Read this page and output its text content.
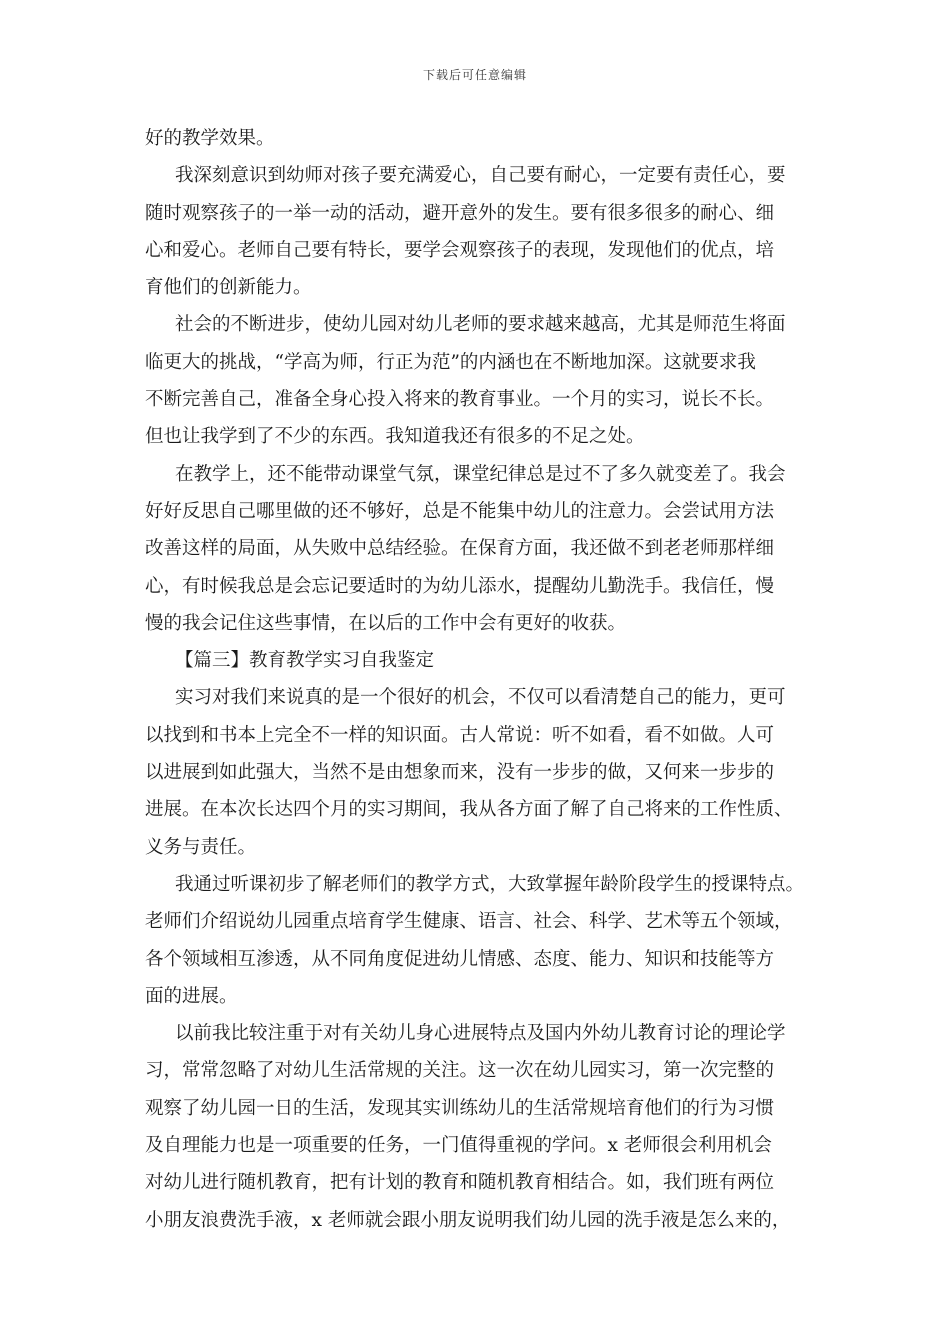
下载后可任意编辑
好的教学效果。
我深刻意识到幼师对孩子要充满爱心，自己要有耐心，一定要有责任心，要
随时观察孩子的一举一动的活动，避开意外的发生。要有很多很多的耐心、细
心和爱心。老师自己要有特长，要学会观察孩子的表现，发现他们的优点，培
育他们的创新能力。
社会的不断进步，使幼儿园对幼儿老师的要求越来越高，尤其是师范生将面
临更大的挑战，“学高为师，行正为范”的内涵也在不断地加深。这就要求我
不断完善自己，准备全身心投入将来的教育事业。一个月的实习，说长不长。
但也让我学到了不少的东西。我知道我还有很多的不足之处。
在教学上，还不能带动课堂气氛，课堂纪律总是过不了多久就变差了。我会
好好反思自己哪里做的还不够好，总是不能集中幼儿的注意力。会尝试用方法
改善这样的局面，从失败中总结经验。在保育方面，我还做不到老老师那样细
心，有时候我总是会忘记要适时的为幼儿添水，提醒幼儿勤洗手。我信任，慢
慢的我会记住这些事情，在以后的工作中会有更好的收获。
【篇三】教育教学实习自我鉴定
实习对我们来说真的是一个很好的机会，不仅可以看清楚自己的能力，更可
以找到和书本上完全不一样的知识面。古人常说：听不如看，看不如做。人可
以进展到如此强大，当然不是由想象而来，没有一步步的做，又何来一步步的
进展。在本次长达四个月的实习期间，我从各方面了解了自己将来的工作性质、
义务与责任。
我通过听课初步了解老师们的教学方式，大致掌握年龄阶段学生的授课特点。
老师们介绍说幼儿园重点培育学生健康、语言、社会、科学、艺术等五个领域，
各个领域相互渗透，从不同角度促进幼儿情感、态度、能力、知识和技能等方
面的进展。
以前我比较注重于对有关幼儿身心进展特点及国内外幼儿教育讨论的理论学
习，常常忽略了对幼儿生活常规的关注。这一次在幼儿园实习，第一次完整的
观察了幼儿园一日的生活，发现其实训练幼儿的生活常规培育他们的行为习惯
及自理能力也是一项重要的任务，一门值得重视的学问。x 老师很会利用机会
对幼儿进行随机教育，把有计划的教育和随机教育相结合。如，我们班有两位
小朋友浪费洗手液，x 老师就会跟小朋友说明我们幼儿园的洗手液是怎么来的，
